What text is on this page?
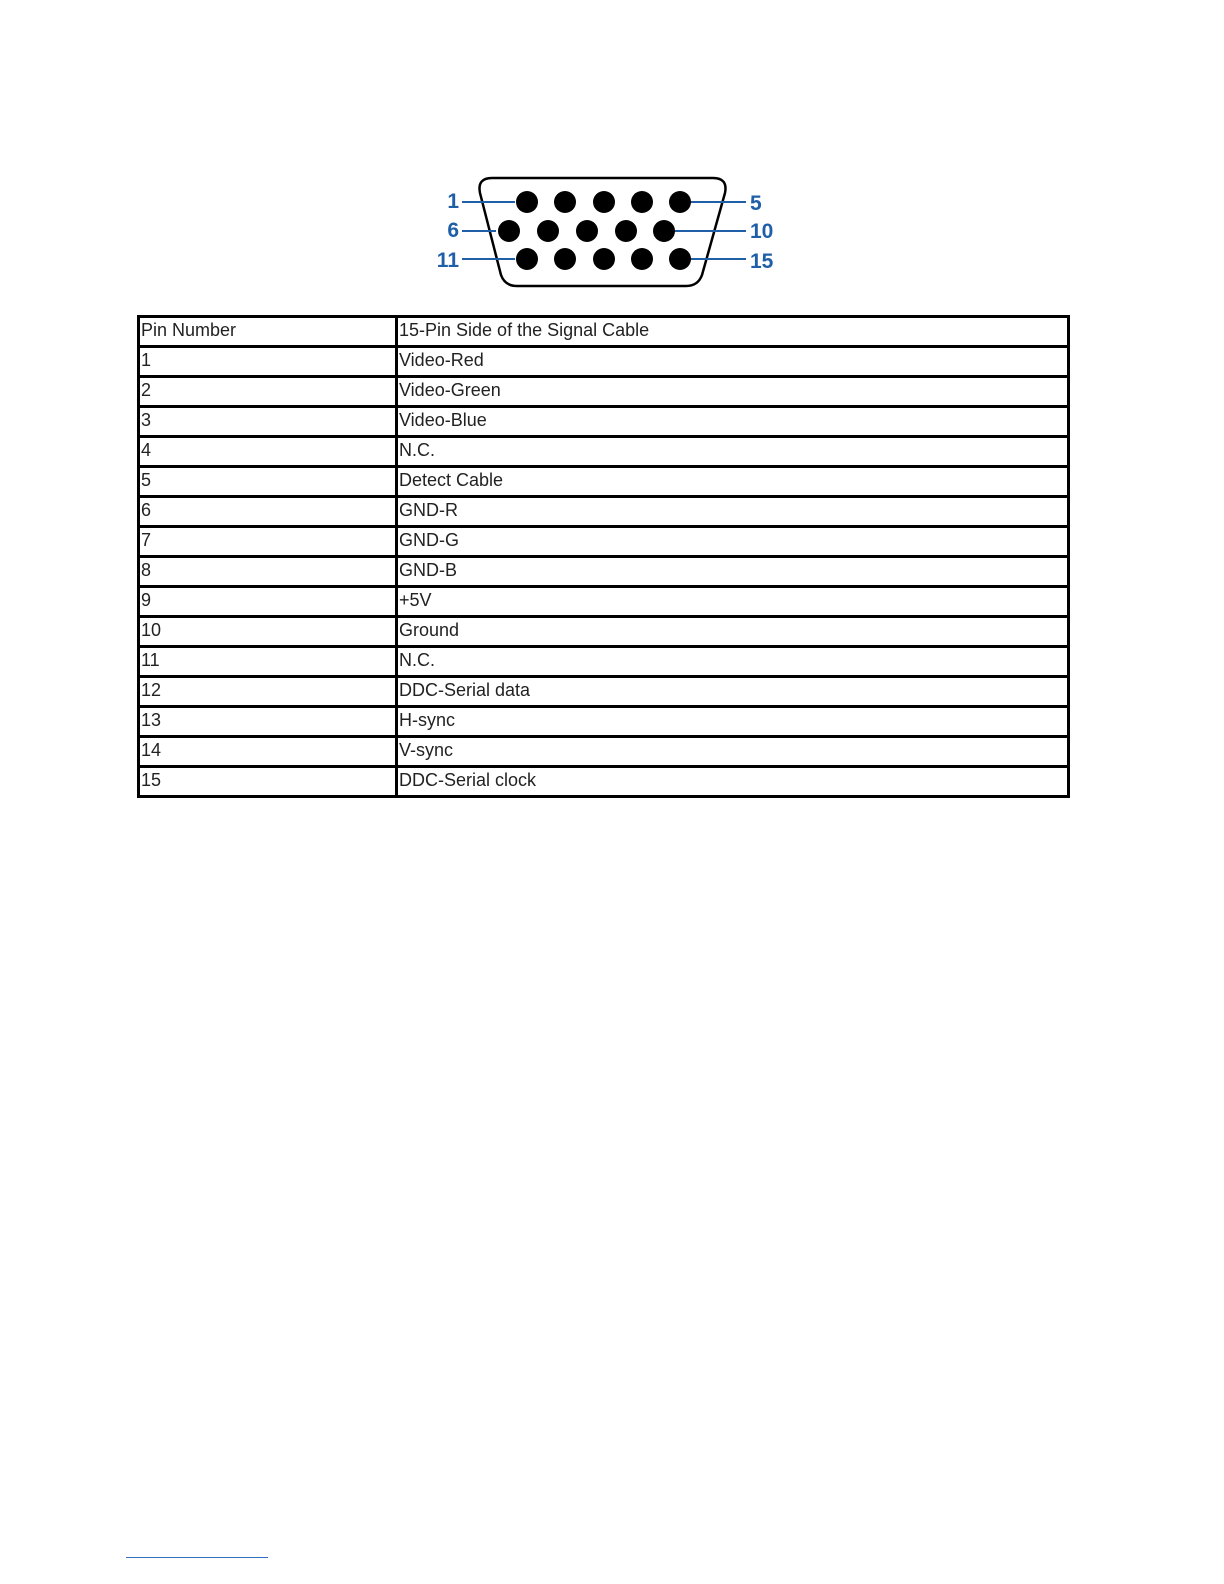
1	5
6	10
11	15
Pin Number	15-Pin Side of the Signal Cable
1	Video-Red
2	Video-Green
3	Video-Blue
4	N.C.
5	Detect Cable
6	GND-R
7	GND-G
8	GND-B
9	+5V
10	Ground
11	N.C.
12	DDC-Serial data
13	H-sync
14	V-sync
15	DDC-Serial clock
